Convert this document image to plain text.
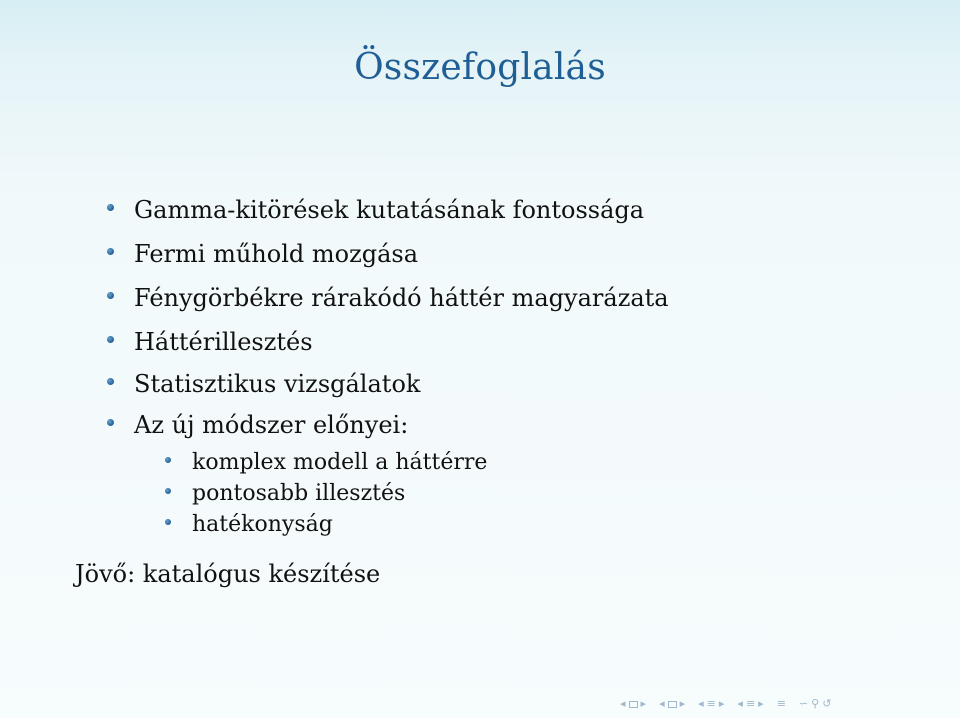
Összefoglalás
Gamma-kitörések kutatásának fontossága
Fermi műhold mozgása
Fénygörbékre rárakódó háttér magyarázata
Háttérillesztés
Statisztikus vizsgálatok
Az új módszer előnyei:
komplex modell a háttérre
pontosabb illesztés
hatékonyság
Jövő: katalógus készítése
◂ ▸ ◂ ▸ ◂ ≡ ▸ ◂ ≡ ▸ ≡ ∽ ⚲ ↺
